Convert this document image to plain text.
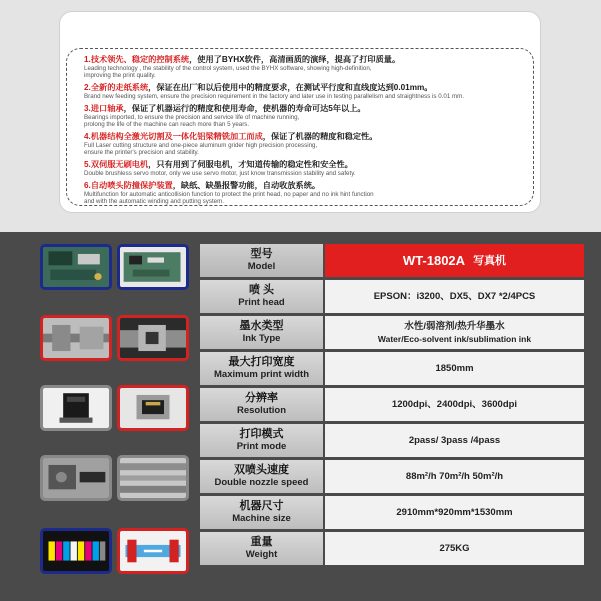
1.技术领先、稳定的控制系统，使用了BYHX软件，高清画质的演绎，提高了打印质量。
Leading technology , the stability of the control system, used the BYHX software, showing high-definition,
improving the print quality.
2.全新的走纸系统，保证在出厂和以后使用中的精度要求，在测试平行度和直线度达到0.01mm。
Brand new feeding system, ensure the precision requirement in the factory and later use in testing parallelism and straightness is 0.01 mm.
3.进口轴承，保证了机器运行的精度和使用寿命，使机器的寿命可达5年以上。
Bearings imported, to ensure the precision and service life of machine running,
prolong the life of the machine can reach more than 5 years.
4.机器结构全激光切割及一体化铝梁精铣加工而成，保证了机器的精度和稳定性。
Full Laser cutting structure and one-piece aluminum grider high precision processing,
ensure the printer's precision and stability.
5.双伺服无刷电机，只有用到了伺服电机，才知道传输的稳定性和安全性。
Double brushless servo motor, only we use servo motor, just know transmission stability and safety.
6.自动喷头防撞保护装置，缺纸、缺墨报警功能，自动收放系统。
Multifunction for automatic anticollision function to protect the print head, no paper and no ink hint function
and with the automatic winding and putting system.
型号
Model	WT-1802A 写真机
喷 头
Print head
EPSON：i3200、DX5、DX7 *2/4PCS
墨水类型
Ink Type
水性/弱溶剂/热升华墨水
Water/Eco-solvent ink/sublimation ink
最大打印宽度
Maximum print width
1850mm
分辨率
Resolution
1200dpi、2400dpi、3600dpi
打印模式
Print mode
2pass/ 3pass /4pass
双喷头速度
Double nozzle speed
88m²/h 70m²/h 50m²/h
机器尺寸
Machine size
2910mm*920mm*1530mm
重量
Weight
275KG
